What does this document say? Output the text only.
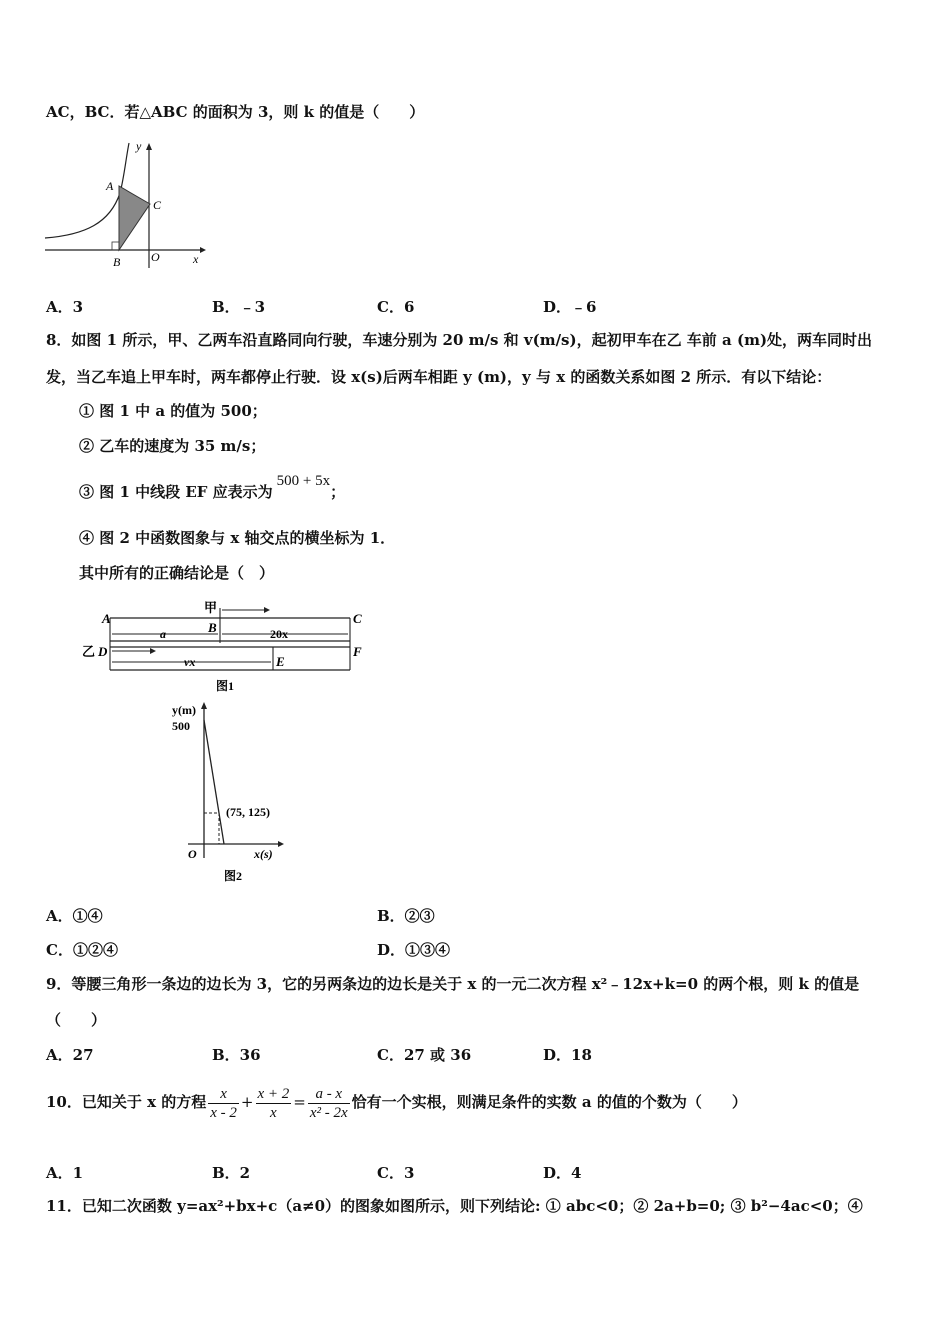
AC，BC．若△ABC 的面积为 3，则 k 的值是（　　）
y
x
A
B
C
O
A．3	B．﹣3	C．6	D．﹣6
8．如图 1 所示，甲、乙两车沿直路同向行驶，车速分别为 20 m/s 和 v(m/s)，起初甲车在乙 车前 a (m)处，两车同时出
发，当乙车追上甲车时，两车都停止行驶．设 x(s)后两车相距 y (m)，y 与 x 的函数关系如图 2 所示．有以下结论：
① 图 1 中 a 的值为 500；
② 乙车的速度为 35 m/s；
③ 图 1 中线段 EF 应表示为500 + 5x；
④ 图 2 中函数图象与 x 轴交点的横坐标为 1．
其中所有的正确结论是（　）
甲
A
B
C
乙 D
E
F
a	20x
vx
图1
y(m)
500
(75, 125)
O	x(s)
图2
A．①④	B．②③
C．①②④	D．①③④
9．等腰三角形一条边的边长为 3，它的另两条边的边长是关于 x 的一元二次方程 x²﹣12x+k=0 的两个根，则 k 的值是
（　　）
A．27	B．36	C．27 或 36	D．18
10．已知关于 x 的方程 $\frac{x}{x - 2} + \frac{x + 2}{x} = \frac{a - x}{\text{x² - 2x}}$ 恰有一个实根，则满足条件的实数 a 的值的个数为（　　）
A．1	B．2	C．3	D．4
11．已知二次函数 y=ax²+bx+c（a≠0）的图象如图所示，则下列结论: ① abc<0；② 2a+b=0; ③ b²−4ac<0；④
